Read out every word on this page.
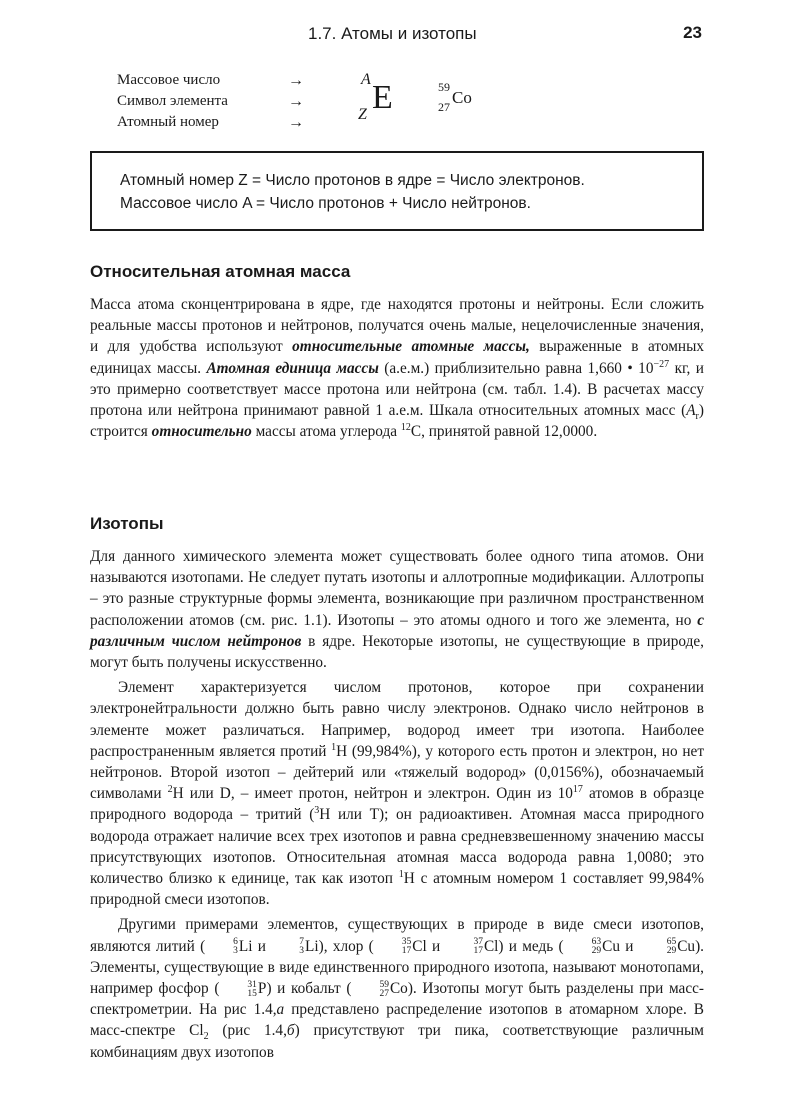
1.7. Атомы и изотопы	23
Массовое число
Символ элемента
Атомный номер
→
→
→
A E
Z
59
27 Co

Атомный номер Z = Число протонов в ядре = Число электронов.

Массовое число A = Число протонов + Число нейтронов.

Относительная атомная масса

Масса атома сконцентрирована в ядре, где находятся протоны и нейтроны. Если сложить реальные массы протонов и нейтронов, получатся очень малые, нецелочисленные значения, и для удобства используют относительные атомные массы, выраженные в атомных единицах массы. Атомная единица массы (а.е.м.) приблизительно равна 1,660 • $10^{-27}$ кг, и это примерно соответствует массе протона или нейтрона (см. табл. 1.4). В расчетах массу протона или нейтрона принимают равной 1 а.е.м. Шкала относительных атомных масс $(A_r)$ строится относительно массы атома углерода $^{12}$C, принятой равной 12,0000.

Изотопы

Для данного химического элемента может существовать более одного типа атомов. Они называются изотопами. Не следует путать изотопы и аллотропные модификации. Аллотропы – это разные структурные формы элемента, возникающие при различном пространственном расположении атомов (см. рис. 1.1). Изотопы – это атомы одного и того же элемента, но с различным числом нейтронов в ядре. Некоторые изотопы, не существующие в природе, могут быть получены искусственно.

Элемент характеризуется числом протонов, которое при сохранении электронейтральности должно быть равно числу электронов. Однако число нейтронов в элементе может различаться. Например, водород имеет три изотопа. Наиболее распространенным является протий $^1$H (99,984%), у которого есть протон и электрон, но нет нейтронов. Второй изотоп – дейтерий или «тяжелый водород» (0,0156%), обозначаемый символами $^2$H или D, – имеет протон, нейтрон и электрон. Один из $10^{17}$ атомов в образце природного водорода – тритий ($^3$H или T); он радиоактивен. Атомная масса природного водорода отражает наличие всех трех изотопов и равна средневзвешенному значению массы присутствующих изотопов. Относительная атомная масса водорода равна 1,0080; это количество близко к единице, так как изотоп $^1$H с атомным номером 1 составляет 99,984% природной смеси изотопов.

Другими примерами элементов, существующих в природе в виде смеси изотопов, являются литий (	6
3Li и	7
3Li), хлор (	35
17Cl и	37
17Cl) и медь (	63
29Cu и	65
29Cu). Элементы, существующие в виде единственного природного изотопа, называют монотопами, например фосфор (	31
15P) и кобальт (	59
27Co). Изотопы могут быть разделены при масс-спектрометрии. На рис 1.4,а представлено распределение изотопов в атомарном хлоре. В масс-спектре $Cl_2$ (рис 1.4,б) присутствуют три пика, соответствующие различным комбинациям двух изотопов
